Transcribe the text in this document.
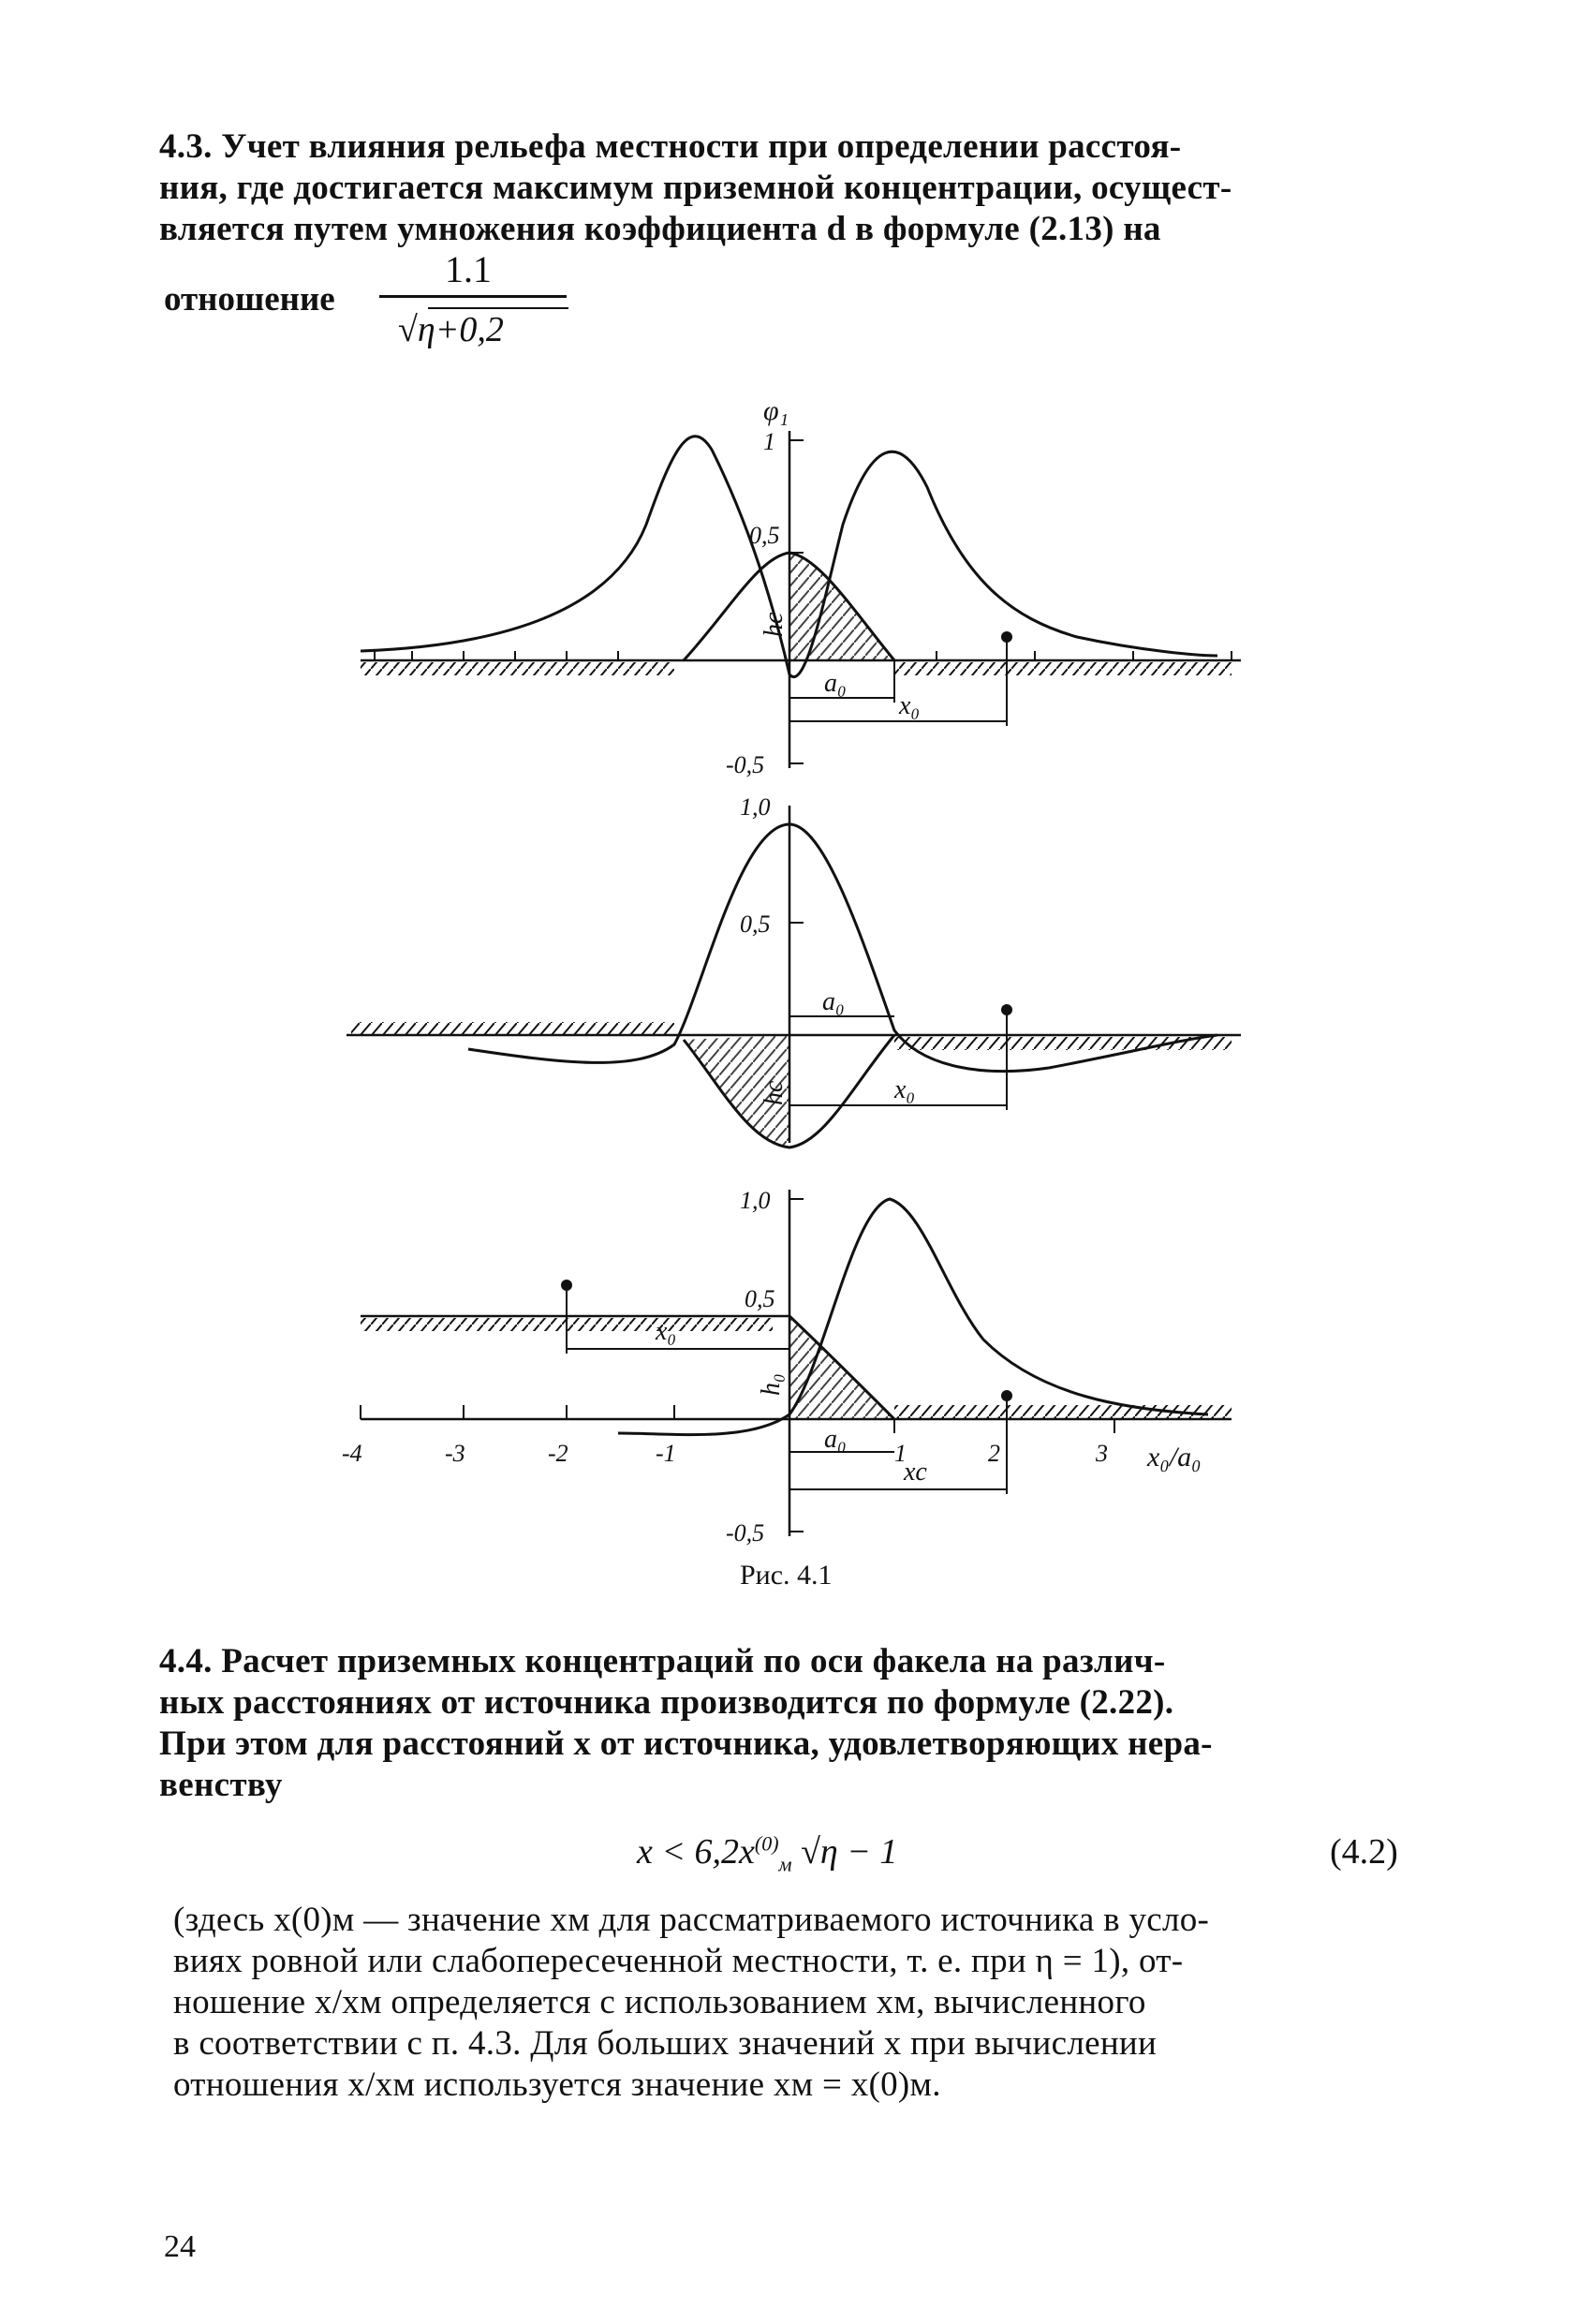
4.3. Учет влияния рельефа местности при определении расстоя-
ния, где достигается максимум приземной концентрации, осущест-
вляется путем умножения коэффициента d в формуле (2.13) на
отношение
1.1
√η+0,2
φ₁
1
0,5
-0,5
hc
a₀
x₀
1,0
0,5
hc
a₀
x₀
1,0
0,5
-0,5
h₀
x₀
a₀
xc
-4	-3	-2	-1	1	2	3 x₀/a₀
Рис. 4.1
4.4. Расчет приземных концентраций по оси факела на различ-
ных расстояниях от источника производится по формуле (2.22).
При этом для расстояний x от источника, удовлетворяющих нера-
венству
$x < 6,2x^{(0)}_м$ √η − 1	(4.2)
(здесь x(0)м — значение xм для рассматриваемого источника в усло-
виях ровной или слабопересеченной местности, т. е. при η = 1), от-
ношение x/xм определяется с использованием xм, вычисленного
в соответствии с п. 4.3. Для больших значений x при вычислении
отношения x/xм используется значение xм = x(0)м.
24
